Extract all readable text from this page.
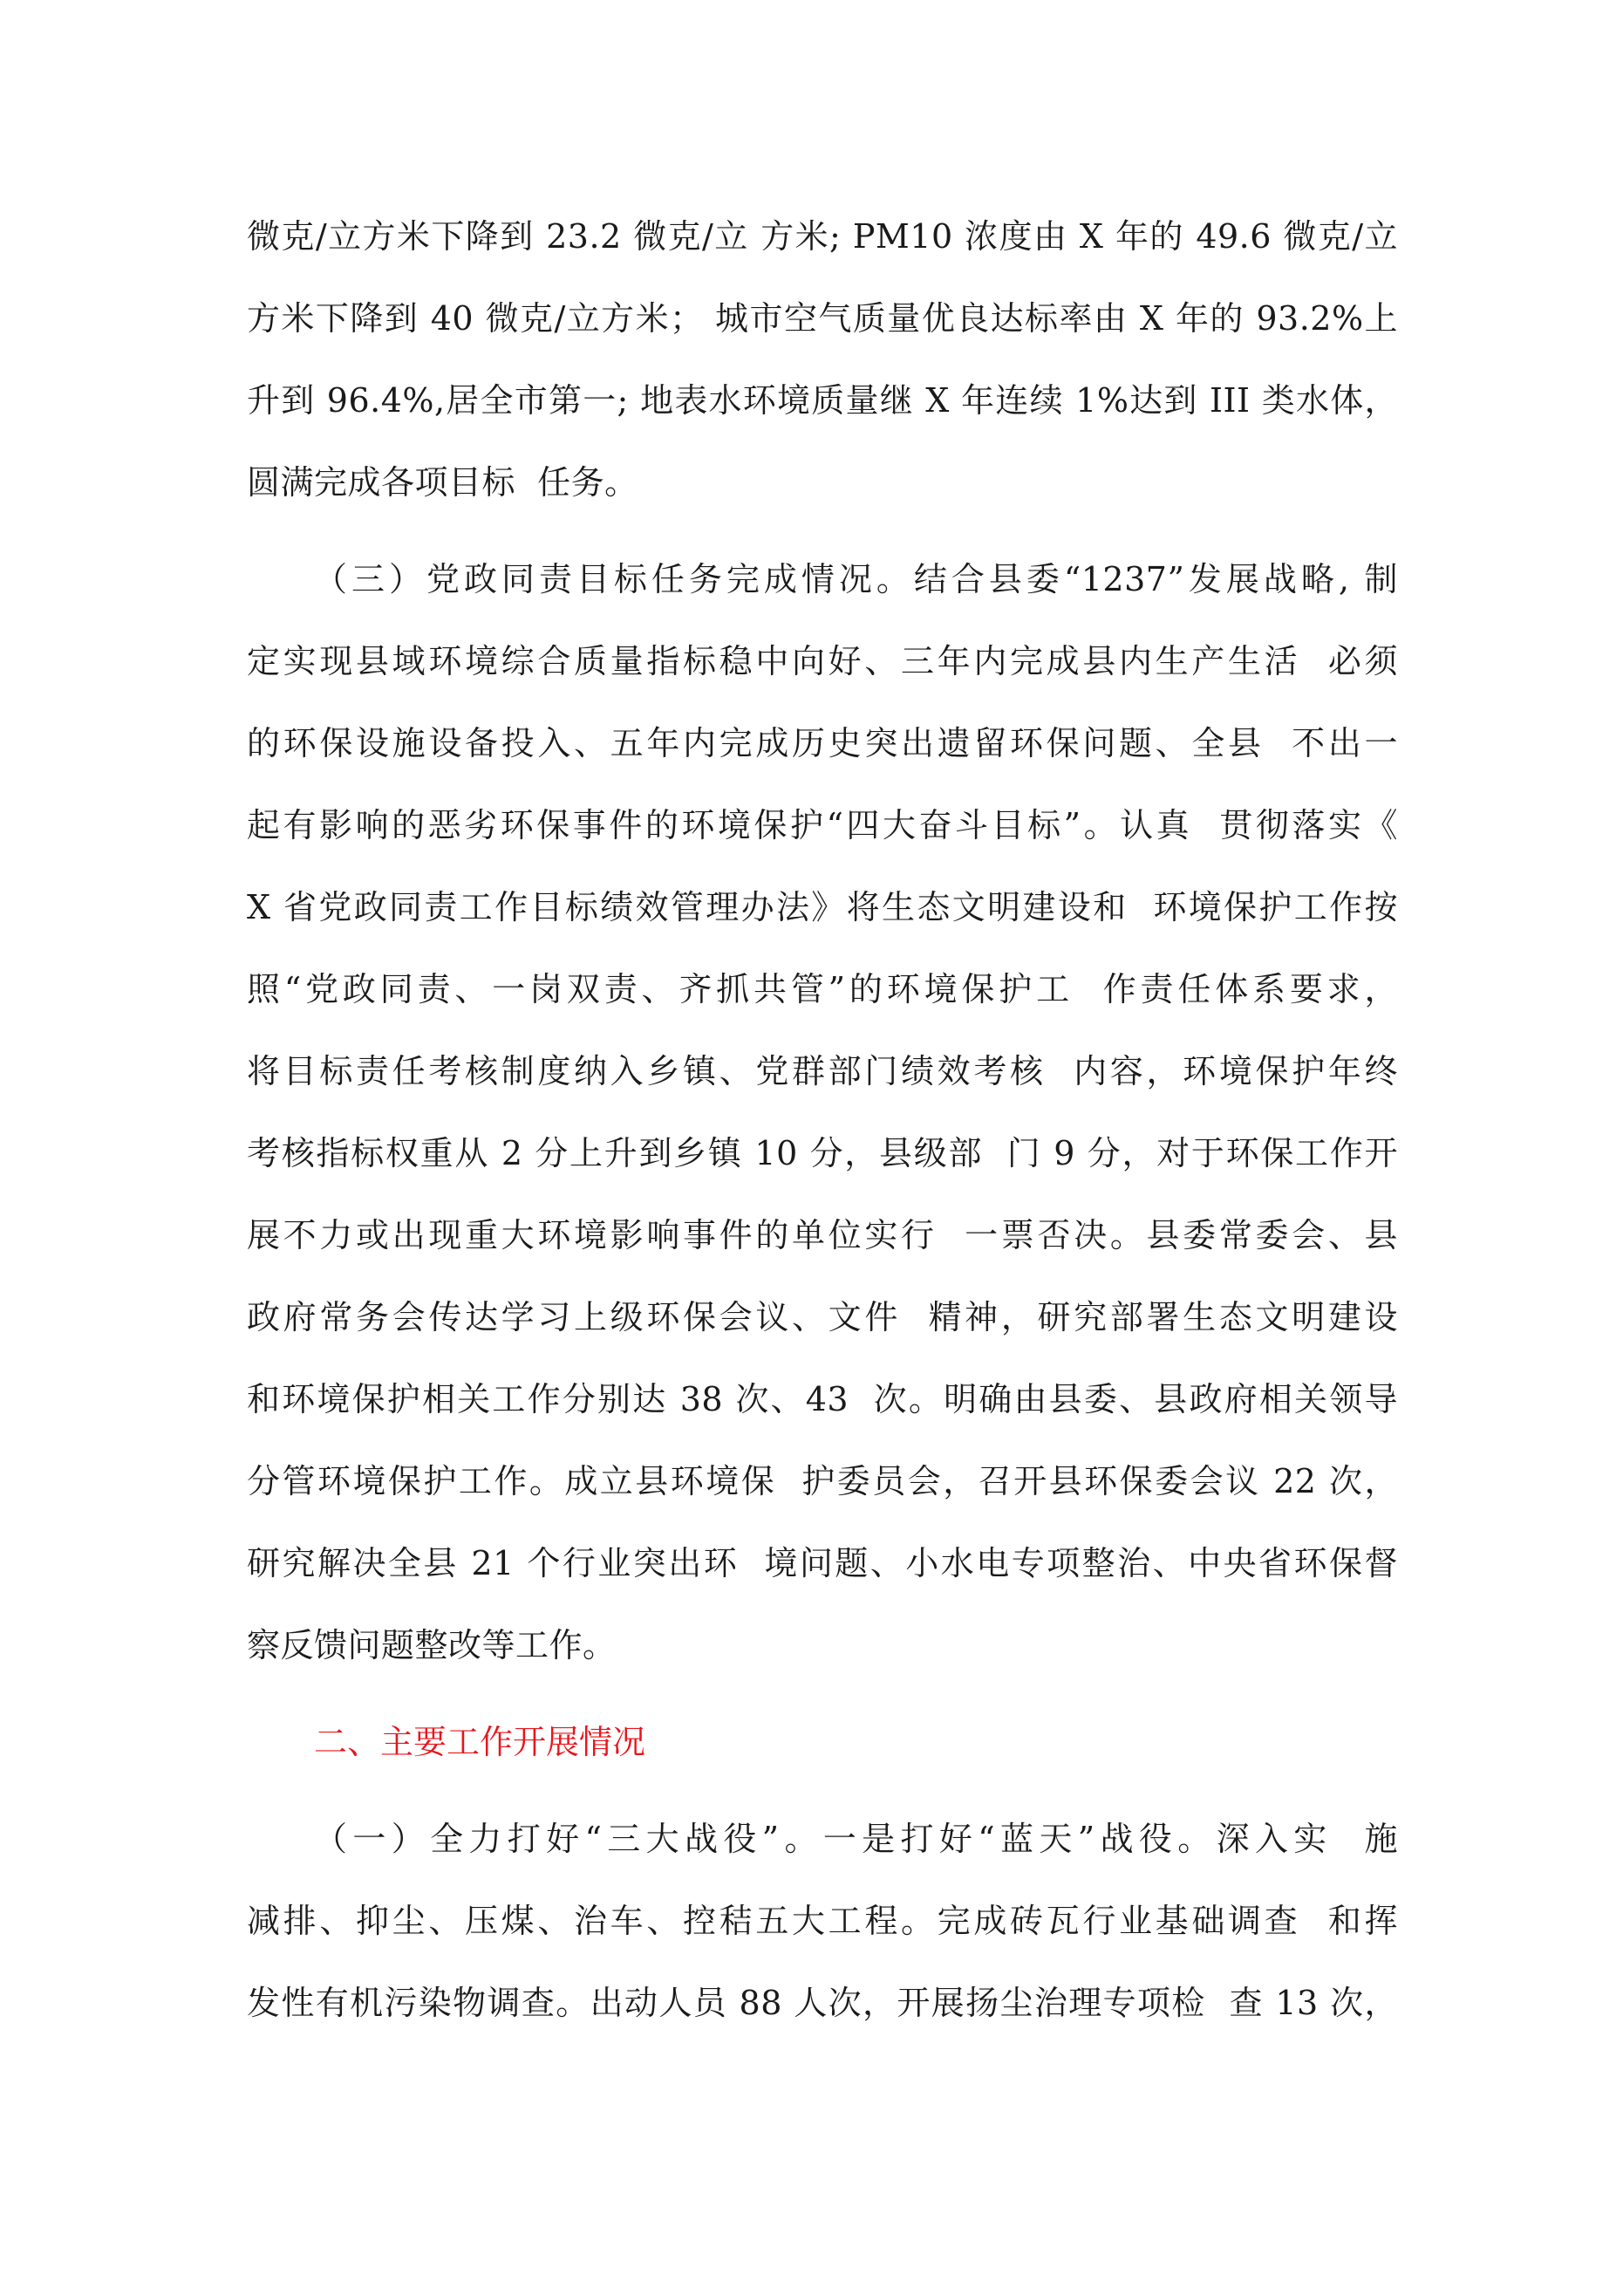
微克/立方米下降到 23.2 微克/立 方米; PM10 浓度由 X 年的 49.6 微克/立
方米下降到 40 微克/立方米； 城市空气质量优良达标率由 X 年的 93.2%上
升到 96.4%,居全市第一; 地表水环境质量继 X 年连续 1%达到 III 类水体，
圆满完成各项目标  任务。
（三）党政同责目标任务完成情况。结合县委“1237”发展战略, 制
定实现县域环境综合质量指标稳中向好、三年内完成县内生产生活  必须
的环保设施设备投入、五年内完成历史突出遗留环保问题、全县  不出一
起有影响的恶劣环保事件的环境保护“四大奋斗目标”。认真  贯彻落实《
X 省党政同责工作目标绩效管理办法》将生态文明建设和  环境保护工作按
照“党政同责、一岗双责、齐抓共管”的环境保护工  作责任体系要求，
将目标责任考核制度纳入乡镇、党群部门绩效考核  内容，环境保护年终
考核指标权重从 2 分上升到乡镇 10 分，县级部  门 9 分，对于环保工作开
展不力或出现重大环境影响事件的单位实行  一票否决。县委常委会、县
政府常务会传达学习上级环保会议、文件  精神，研究部署生态文明建设
和环境保护相关工作分别达 38 次、43  次。明确由县委、县政府相关领导
分管环境保护工作。成立县环境保  护委员会，召开县环保委会议 22 次，
研究解决全县 21 个行业突出环  境问题、小水电专项整治、中央省环保督
察反馈问题整改等工作。
二、主要工作开展情况
（一）全力打好“三大战役”。一是打好“蓝天”战役。深入实  施
减排、抑尘、压煤、治车、控秸五大工程。完成砖瓦行业基础调查  和挥
发性有机污染物调查。出动人员 88 人次，开展扬尘治理专项检  查 13 次，
